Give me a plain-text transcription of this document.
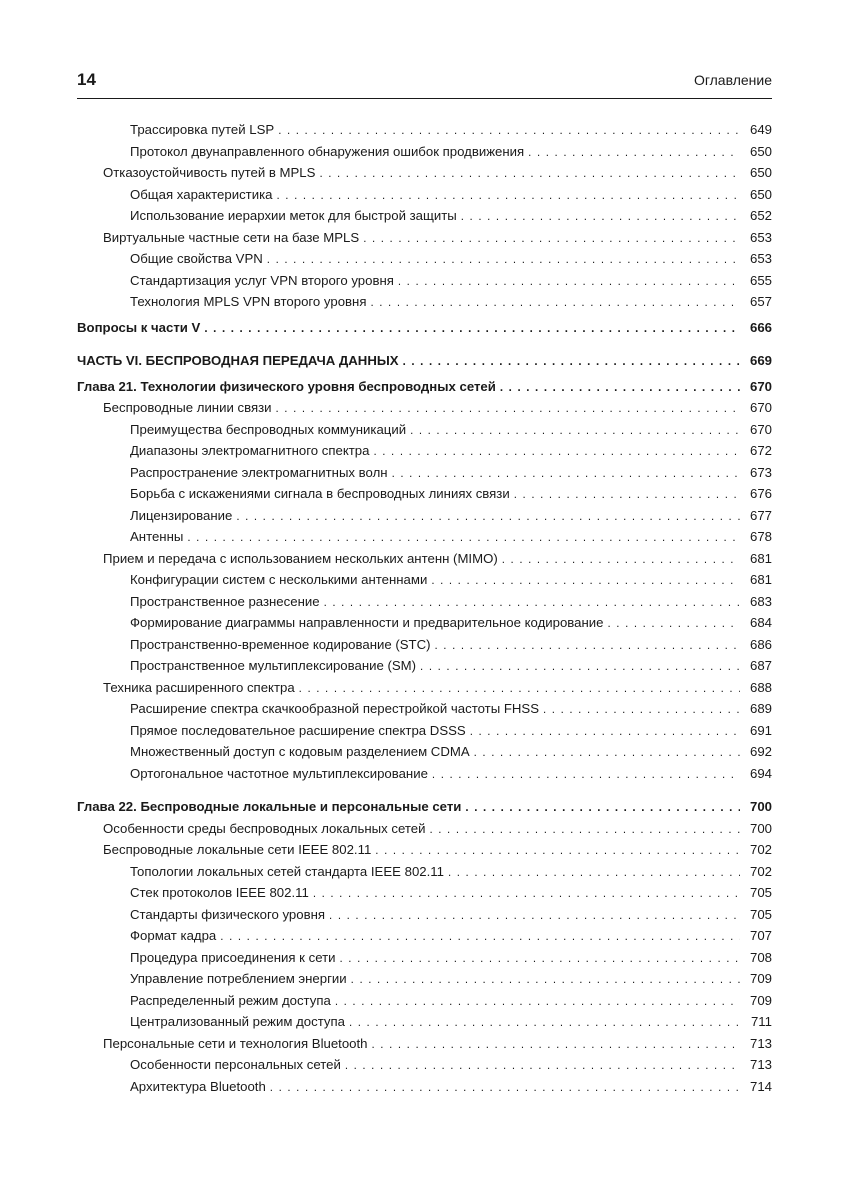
14	Оглавление
Трассировка путей LSP . . .	649
Протокол двунаправленного обнаружения ошибок продвижения . . .	650
Отказоустойчивость путей в MPLS . . .	650
Общая характеристика . . .	650
Использование иерархии меток для быстрой защиты . . .	652
Виртуальные частные сети на базе MPLS . . .	653
Общие свойства VPN . . .	653
Стандартизация услуг VPN второго уровня . . .	655
Технология MPLS VPN второго уровня . . .	657
Вопросы к части V . . .	666
ЧАСТЬ VI. БЕСПРОВОДНАЯ ПЕРЕДАЧА ДАННЫХ . . .	669
Глава 21. Технологии физического уровня беспроводных сетей . . .	670
Беспроводные линии связи . . .	670
Преимущества беспроводных коммуникаций . . .	670
Диапазоны электромагнитного спектра . . .	672
Распространение электромагнитных волн . . .	673
Борьба с искажениями сигнала в беспроводных линиях связи . . .	676
Лицензирование . . .	677
Антенны . . .	678
Прием и передача с использованием нескольких антенн (MIMO) . . .	681
Конфигурации систем с несколькими антеннами . . .	681
Пространственное разнесение . . .	683
Формирование диаграммы направленности и предварительное кодирование . . .	684
Пространственно-временное кодирование (STC) . . .	686
Пространственное мультиплексирование (SM) . . .	687
Техника расширенного спектра . . .	688
Расширение спектра скачкообразной перестройкой частоты FHSS . . .	689
Прямое последовательное расширение спектра DSSS . . .	691
Множественный доступ с кодовым разделением CDMA . . .	692
Ортогональное частотное мультиплексирование . . .	694
Глава 22. Беспроводные локальные и персональные сети . . .	700
Особенности среды беспроводных локальных сетей . . .	700
Беспроводные локальные сети IEEE 802.11 . . .	702
Топологии локальных сетей стандарта IEEE 802.11 . . .	702
Стек протоколов IEEE 802.11 . . .	705
Стандарты физического уровня . . .	705
Формат кадра . . .	707
Процедура присоединения к сети . . .	708
Управление потреблением энергии . . .	709
Распределенный режим доступа . . .	709
Централизованный режим доступа . . .	711
Персональные сети и технология Bluetooth . . .	713
Особенности персональных сетей . . .	713
Архитектура Bluetooth . . .	714
